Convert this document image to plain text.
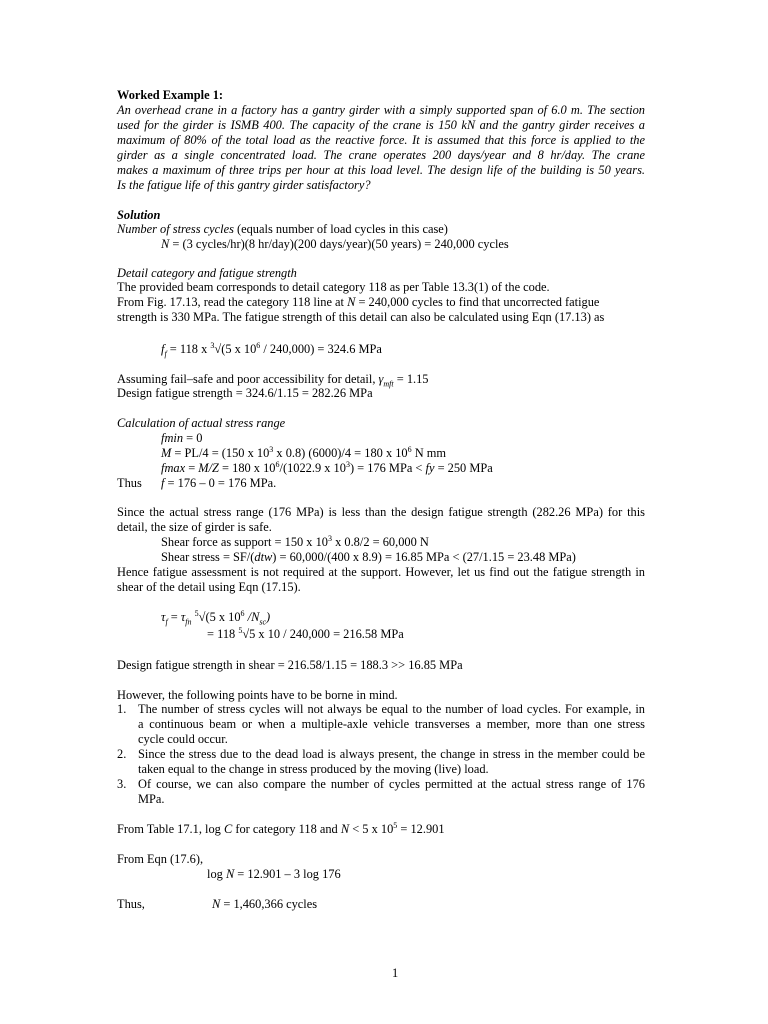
Worked Example 1:
An overhead crane in a factory has a gantry girder with a simply supported span of 6.0 m. The section
used for the girder is ISMB 400. The capacity of the crane is 150 kN and the gantry girder receives a
maximum of 80% of the total load as the reactive force. It is assumed that this force is applied to the
girder as a single concentrated load. The crane operates 200 days/year and 8 hr/day. The crane
makes a maximum of three trips per hour at this load level. The design life of the building is 50 years.
Is the fatigue life of this gantry girder satisfactory?
Solution
Number of stress cycles (equals number of load cycles in this case)
N = (3 cycles/hr)(8 hr/day)(200 days/year)(50 years) = 240,000 cycles
Detail category and fatigue strength
The provided beam corresponds to detail category 118 as per Table 13.3(1) of the code.
From Fig. 17.13, read the category 118 line at N = 240,000 cycles to find that uncorrected fatigue
strength is 330 MPa. The fatigue strength of this detail can also be calculated using Eqn (17.13) as
$f_f = 118$ x $^3$√(5 x $10^6 / 240,000) = 324.6$ MPa
Assuming fail–safe and poor accessibility for detail, $\gamma_{mft} = 1.15$
Design fatigue strength = 324.6/1.15 = 282.26 MPa
Calculation of actual stress range
fmin = 0
M = PL/4 = (150 x $10^3$ x 0.8) (6000)/4 = 180 x $10^6$ N mm
fmax = M/Z = 180 x $10^6/(1022.9$ x $10^3) = 176$ MPa < fy = 250 MPa
Thus f = 176 – 0 = 176 MPa.
Since the actual stress range (176 MPa) is less than the design fatigue strength (282.26 MPa) for this
detail, the size of girder is safe.
Shear force as support = 150 x $10^3$ x 0.8/2 = 60,000 N
Shear stress = SF/(dtw) = 60,000/(400 x 8.9) = 16.85 MPa < (27/1.15 = 23.48 MPa)
Hence fatigue assessment is not required at the support. However, let us find out the fatigue strength in
shear of the detail using Eqn (17.15).
$\tau_f = \tau_{fn}$ $^5$√(5 x $10^6$ $/N_{sc}$)
= 118 $^5$√5 x 10 / 240,000 = 216.58 MPa
Design fatigue strength in shear = 216.58/1.15 = 188.3 >> 16.85 MPa
However, the following points have to be borne in mind.
1. The number of stress cycles will not always be equal to the number of load cycles. For example, in
a continuous beam or when a multiple-axle vehicle transverses a member, more than one stress
cycle could occur.
2. Since the stress due to the dead load is always present, the change in stress in the member could be
taken equal to the change in stress produced by the moving (live) load.
3. Of course, we can also compare the number of cycles permitted at the actual stress range of 176
MPa.
From Table 17.1, log C for category 118 and N < 5 x $10^5 = 12.901$
From Eqn (17.6),
log N = 12.901 – 3 log 176
Thus,	N = 1,460,366 cycles
1
